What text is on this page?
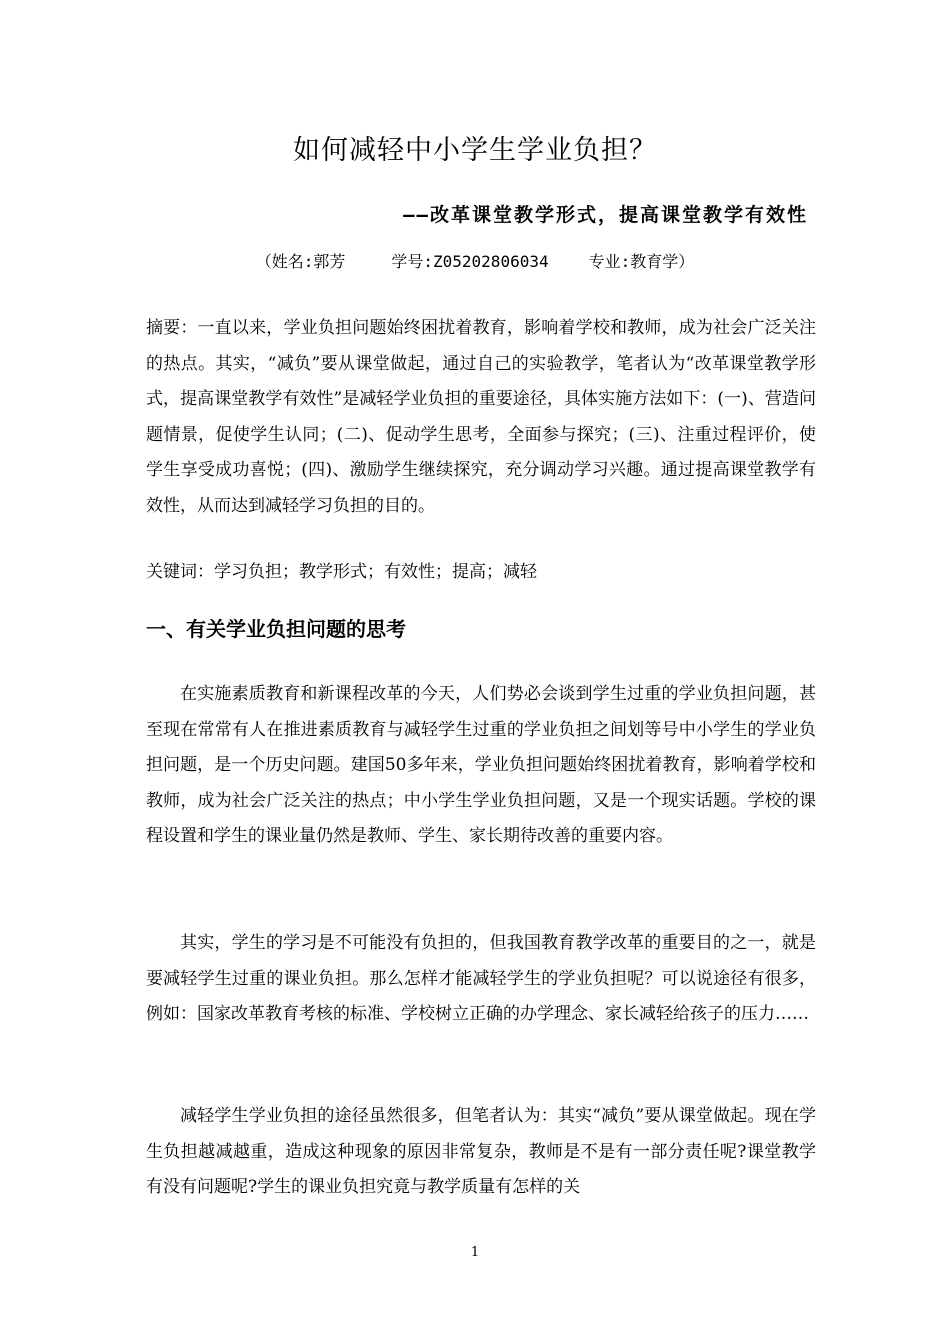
如何减轻中小学生学业负担？
——改革课堂教学形式，提高课堂教学有效性
（姓名:郭芳	学号:Z05202806034	专业:教育学）
摘要：一直以来，学业负担问题始终困扰着教育，影响着学校和教师，成为社会广泛关注的热点。其实，“减负”要从课堂做起，通过自己的实验教学，笔者认为“改革课堂教学形式，提高课堂教学有效性”是减轻学业负担的重要途径，具体实施方法如下：(一)、营造问题情景，促使学生认同；(二)、促动学生思考，全面参与探究；(三)、注重过程评价，使学生享受成功喜悦；(四)、激励学生继续探究，充分调动学习兴趣。通过提高课堂教学有效性，从而达到减轻学习负担的目的。
关键词：学习负担；教学形式；有效性；提高；减轻
一、有关学业负担问题的思考
在实施素质教育和新课程改革的今天，人们势必会谈到学生过重的学业负担问题，甚至现在常常有人在推进素质教育与减轻学生过重的学业负担之间划等号中小学生的学业负担问题，是一个历史问题。建国50多年来，学业负担问题始终困扰着教育，影响着学校和教师，成为社会广泛关注的热点；中小学生学业负担问题，又是一个现实话题。学校的课程设置和学生的课业量仍然是教师、学生、家长期待改善的重要内容。
其实，学生的学习是不可能没有负担的，但我国教育教学改革的重要目的之一，就是要减轻学生过重的课业负担。那么怎样才能减轻学生的学业负担呢？可以说途径有很多，例如：国家改革教育考核的标准、学校树立正确的办学理念、家长减轻给孩子的压力……
减轻学生学业负担的途径虽然很多，但笔者认为：其实“减负”要从课堂做起。现在学生负担越减越重，造成这种现象的原因非常复杂，教师是不是有一部分责任呢?课堂教学有没有问题呢?学生的课业负担究竟与教学质量有怎样的关
1
